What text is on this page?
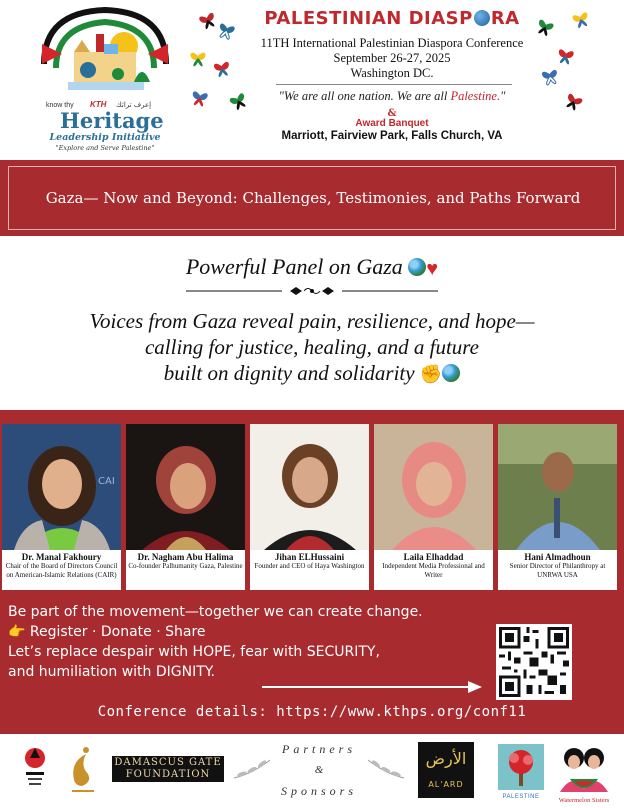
know thy KTH إعرف تراثك
Heritage
Leadership Initiative
"Explore and Serve Palestine"
PALESTINIAN DIASP RA
11TH International Palestinian Diaspora Conference
September 26-27, 2025
Washington DC.
"We are all one nation. We are all Palestine."
&
Award Banquet
Marriott, Fairview Park, Falls Church, VA
Gaza— Now and Beyond: Challenges, Testimonies, and Paths Forward
Powerful Panel on Gaza ♥
Voices from Gaza reveal pain, resilience, and hope—
calling for justice, healing, and a future
built on dignity and solidarity ✊
CAI
Dr. Manal Fakhoury
Chair of the Board of Directors Council on American-Islamic Relations (CAIR)
Dr. Nagham Abu Halima
Co-founder Palhumanity Gaza, Palestine
Jihan ELHussaini
Founder and CEO of Haya Washington
Laila Elhaddad
Independent Media Professional and Writer
Hani Almadhoun
Senior Director of Philanthropy at UNRWA USA
Be part of the movement—together we can create change.
👉 Register · Donate · Share
Let’s replace despair with HOPE, fear with SECURITY,
and humiliation with DIGNITY.
Conference details: https://www.kthps.org/conf11
DAMASCUS GATE
FOUNDATION
Partners
&
Sponsors
الأرض
AL'ARD
PALESTINE	Watermelon Sisters
